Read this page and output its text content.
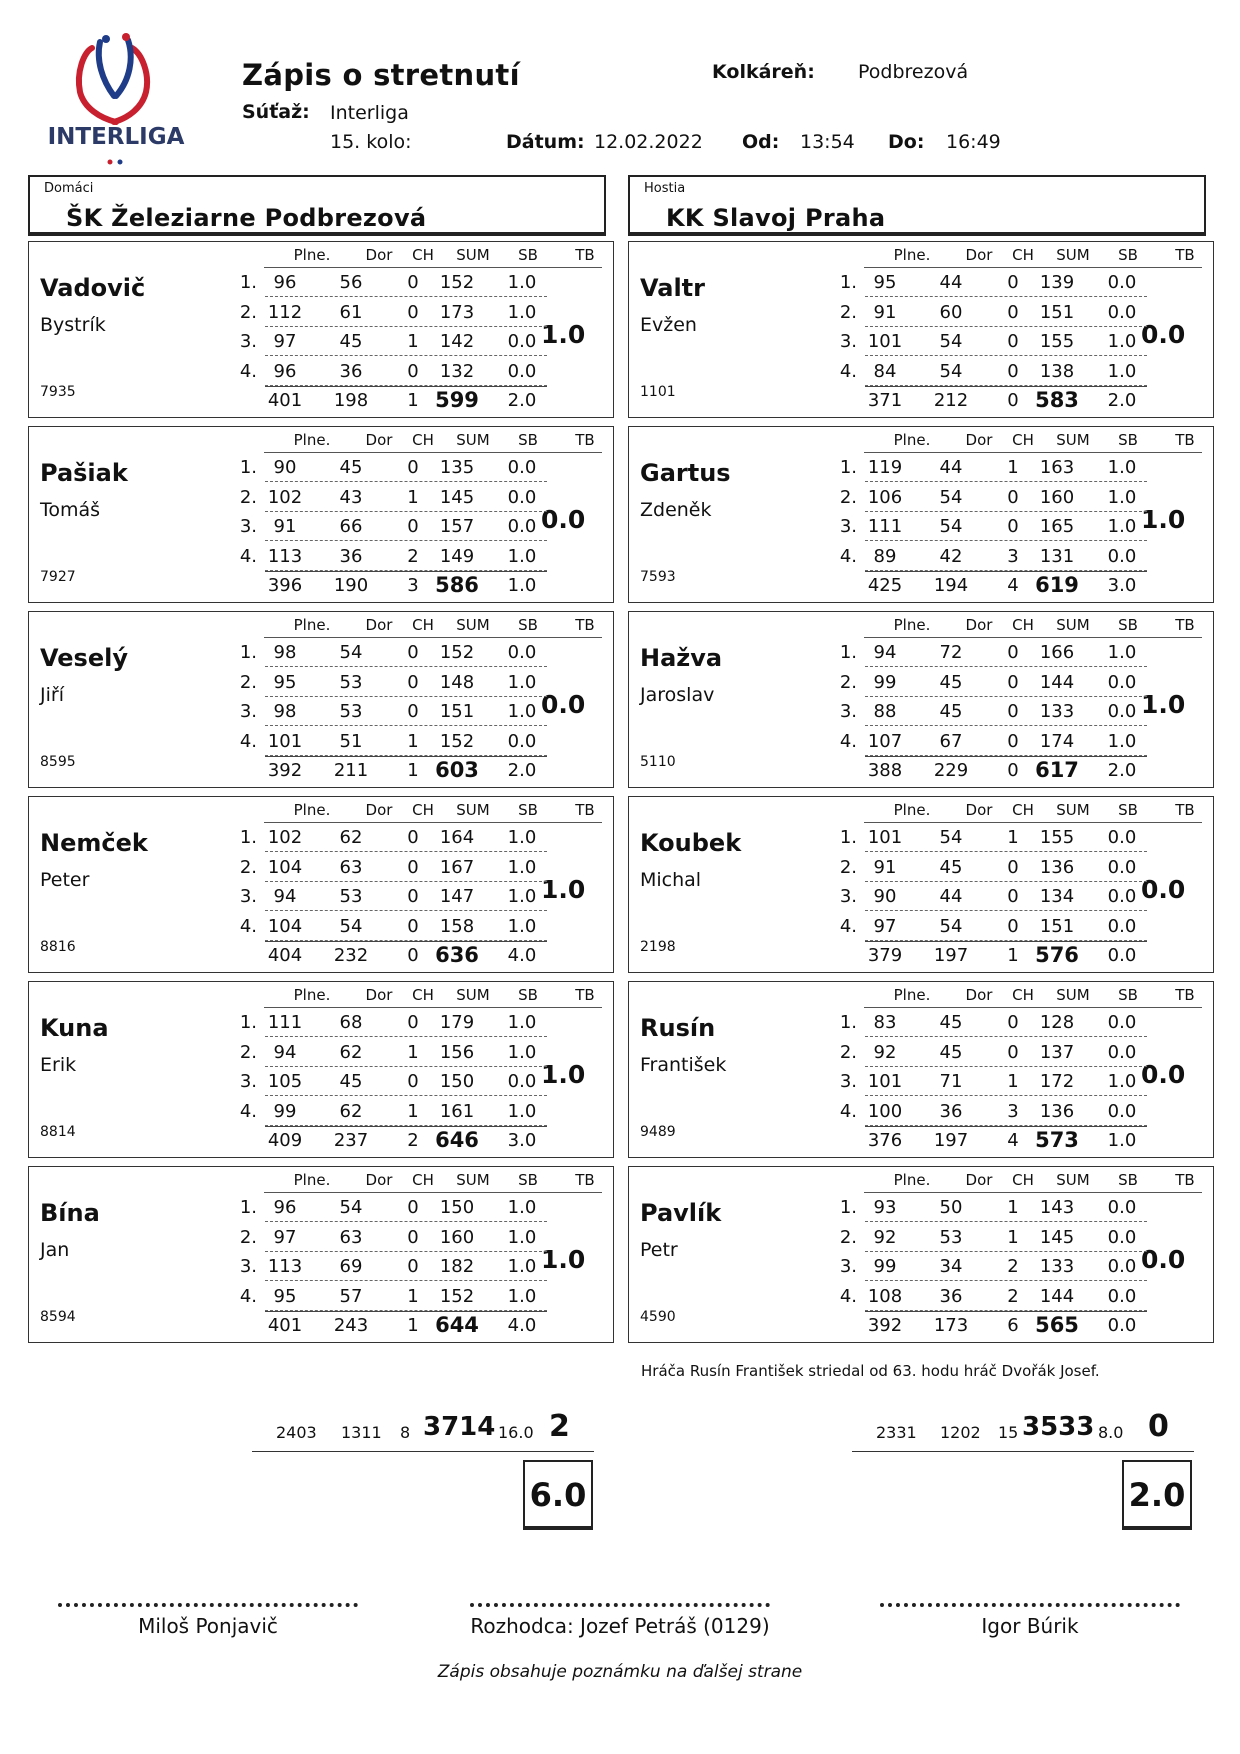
INTERLIGA
Zápis o stretnutí	Kolkáreň: Podbrezová
Súťaž: Interliga
15. kolo:	Dátum: 12.02.2022 Od: 13:54 Do: 16:49
Domáci
ŠK Železiarne Podbrezová
Hostia
KK Slavoj Praha
Plne.	Dor	CH	SUM	SB	TB
Vadovič
Bystrík
7935
1.0
1. 96	56	0	152	1.0
2. 112	61	0	173	1.0
3. 97	45	1	142	0.0
4. 96	36	0	132	0.0
401	198	1 599	2.0
Plne.	Dor	CH	SUM	SB	TB
Pašiak
Tomáš
7927
0.0
1. 90	45	0	135	0.0
2. 102	43	1	145	0.0
3. 91	66	0	157	0.0
4. 113	36	2	149	1.0
396	190	3 586	1.0
Plne.	Dor	CH	SUM	SB	TB
Veselý
Jiří
8595
0.0
1. 98	54	0	152	0.0
2. 95	53	0	148	1.0
3. 98	53	0	151	1.0
4. 101	51	1	152	0.0
392	211	1 603	2.0
Plne.	Dor	CH	SUM	SB	TB
Nemček
Peter
8816
1.0
1. 102	62	0	164	1.0
2. 104	63	0	167	1.0
3. 94	53	0	147	1.0
4. 104	54	0	158	1.0
404	232	0 636	4.0
Plne.	Dor	CH	SUM	SB	TB
Kuna
Erik
8814
1.0
1. 111	68	0	179	1.0
2. 94	62	1	156	1.0
3. 105	45	0	150	0.0
4. 99	62	1	161	1.0
409	237	2 646	3.0
Plne.	Dor	CH	SUM	SB	TB
Bína
Jan
8594
1.0
1. 96	54	0	150	1.0
2. 97	63	0	160	1.0
3. 113	69	0	182	1.0
4. 95	57	1	152	1.0
401	243	1 644	4.0
Plne.	Dor	CH	SUM	SB	TB
Valtr
Evžen
1101
0.0
1. 95	44	0	139	0.0
2. 91	60	0	151	0.0
3. 101	54	0	155	1.0
4. 84	54	0	138	1.0
371	212	0 583	2.0
Plne.	Dor	CH	SUM	SB	TB
Gartus
Zdeněk
7593
1.0
1. 119	44	1	163	1.0
2. 106	54	0	160	1.0
3. 111	54	0	165	1.0
4. 89	42	3	131	0.0
425	194	4 619	3.0
Plne.	Dor	CH	SUM	SB	TB
Hažva
Jaroslav
5110
1.0
1. 94	72	0	166	1.0
2. 99	45	0	144	0.0
3. 88	45	0	133	0.0
4. 107	67	0	174	1.0
388	229	0 617	2.0
Plne.	Dor	CH	SUM	SB	TB
Koubek
Michal
2198
0.0
1. 101	54	1	155	0.0
2. 91	45	0	136	0.0
3. 90	44	0	134	0.0
4. 97	54	0	151	0.0
379	197	1 576	0.0
Plne.	Dor	CH	SUM	SB	TB
Rusín
František
9489
0.0
1. 83	45	0	128	0.0
2. 92	45	0	137	0.0
3. 101	71	1	172	1.0
4. 100	36	3	136	0.0
376	197	4 573	1.0
Plne.	Dor	CH	SUM	SB	TB
Pavlík
Petr
4590
0.0
1. 93	50	1	143	0.0
2. 92	53	1	145	0.0
3. 99	34	2	133	0.0
4. 108	36	2	144	0.0
392	173	6 565	0.0
Hráča Rusín František striedal od 63. hodu hráč Dvořák Josef.
2403 1311 8 3714 16.0 2
6.0
2331 1202 15 3533 8.0 0
2.0
Miloš Ponjavič	Rozhodca: Jozef Petráš (0129)	Igor Búrik
Zápis obsahuje poznámku na ďalšej strane
